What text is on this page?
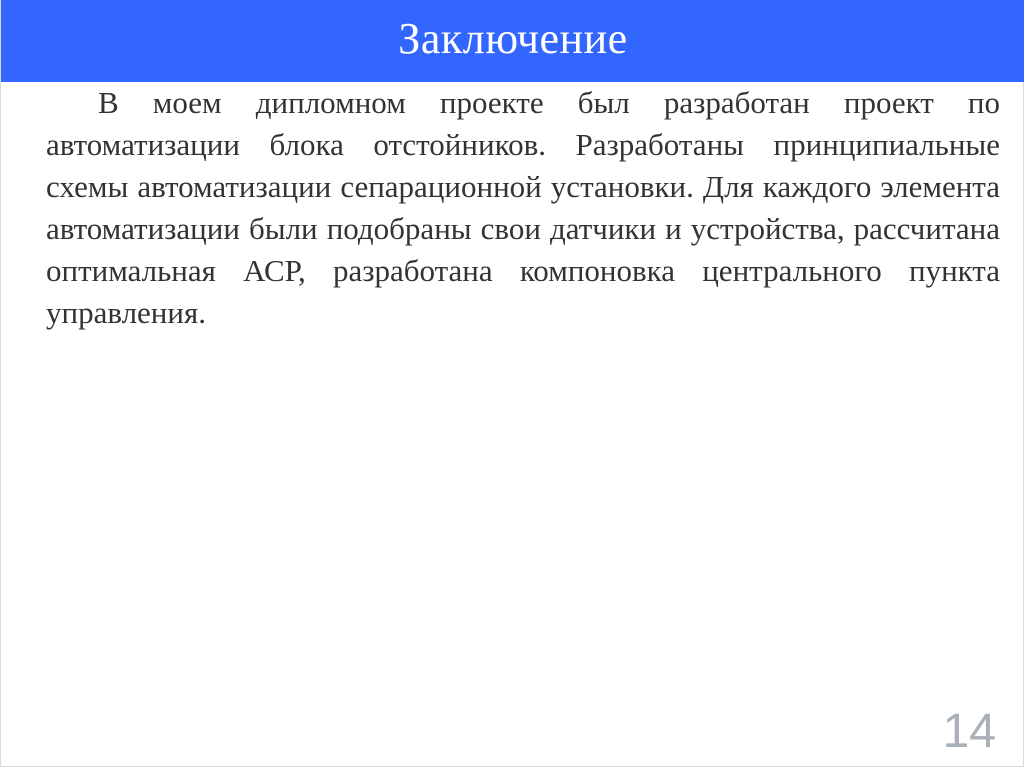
Заключение

В моем дипломном проекте был разработан проект по автоматизации блока отстойников. Разработаны принципиальные схемы автоматизации сепарационной установки. Для каждого элемента автоматизации были подобраны свои датчики и устройства, рассчитана оптимальная АСР, разработана компоновка центрального пункта управления.

14
